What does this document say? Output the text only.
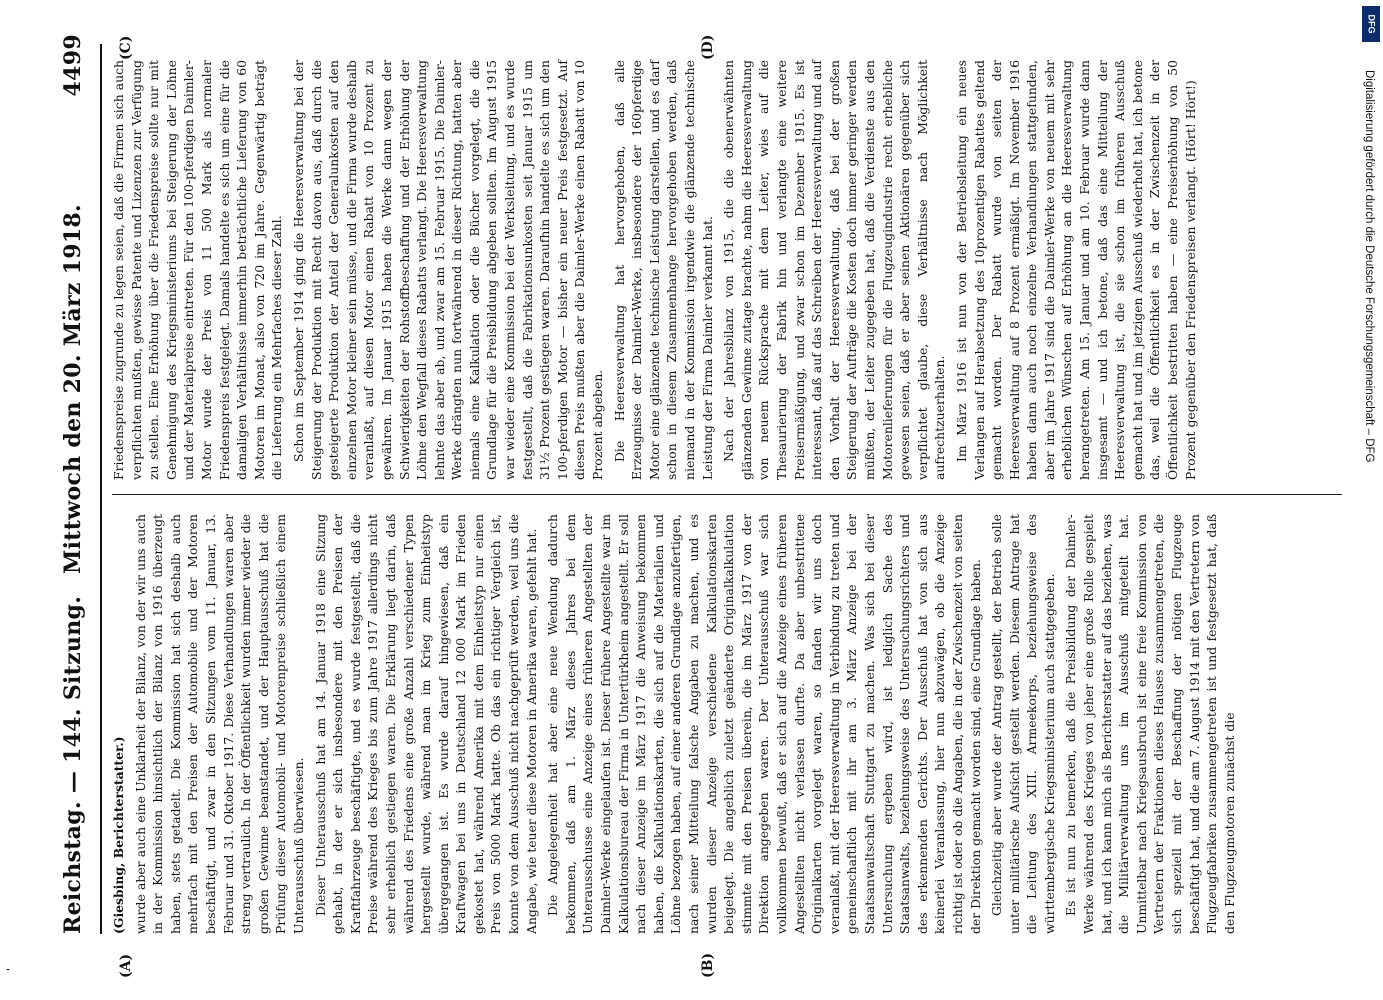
Reichstag. — 144. Sitzung.
Mittwoch den 20. März 1918.
4499
(A)	(B)
(C)	(D)

(Giesbing, Berichterstatter.) wurde aber auch eine Unklarheit der Bilanz, von der wir uns auch in der Kommission hinsichtlich der Bilanz von 1916 überzeugt haben, stets getadelt. Die Kommission hat sich deshalb auch mehrfach mit den Preisen der Automobile und der Motoren beschäftigt, und zwar in den Sitzungen vom 11. Januar, 13. Februar und 31. Oktober 1917. Diese Verhandlungen waren aber streng vertraulich. In der Öffentlichkeit wurden immer wieder die großen Gewinne beanstandet, und der Hauptausschuß hat die Prüfung dieser Automobil- und Motorenpreise schließlich einem Unterausschuß überwiesen. Dieser Unterausschuß hat am 14. Januar 1918 eine Sitzung gehabt, in der er sich insbesondere mit den Preisen der Kraftfahrzeuge beschäftigte, und es wurde festgestellt, daß die Preise während des Krieges bis zum Jahre 1917 allerdings nicht sehr erheblich gestiegen waren. Die Erklärung liegt darin, daß während des Friedens eine große Anzahl verschiedener Typen hergestellt wurde, während man im Krieg zum Einheitstyp übergegangen ist. Es wurde darauf hingewiesen, daß ein Kraftwagen bei uns in Deutschland 12 000 Mark im Frieden gekostet hat, während Amerika mit dem Einheitstyp nur einen Preis von 5000 Mark hatte. Ob das ein richtiger Vergleich ist, konnte von dem Ausschuß nicht nachgeprüft werden, weil uns die Angabe, wie teuer diese Motoren in Amerika waren, gefehlt hat. Die Angelegenheit hat aber eine neue Wendung dadurch bekommen, daß am 1. März dieses Jahres bei dem Unterausschusse eine Anzeige eines früheren Angestellten der Daimler-Werke eingelaufen ist. Dieser frühere Angestellte war im Kalkulationsbureau der Firma in Untertürkheim angestellt. Er soll nach dieser Anzeige im März 1917 die Anweisung bekommen haben, die Kalkulationskarten, die sich auf die Materialien und Löhne bezogen haben, auf einer anderen Grundlage anzufertigen, nach seiner Mitteilung falsche Angaben zu machen, und es wurden dieser Anzeige verschiedene Kalkulationskarten beigelegt. Die angeblich zuletzt geänderte Originalkalkulation stimmte mit den Preisen überein, die im März 1917 von der Direktion angegeben waren. Der Unterausschuß war sich vollkommen bewußt, daß er sich auf die Anzeige eines früheren Angestellten nicht verlassen durfte. Da aber unbestrittene Originalkarten vorgelegt waren, so fanden wir uns doch veranlaßt, mit der Heeresverwaltung in Verbindung zu treten und gemeinschaftlich mit ihr am 3. März Anzeige bei der Staatsanwaltschaft Stuttgart zu machen. Was sich bei dieser Untersuchung ergeben wird, ist lediglich Sache des Staatsanwalts, beziehungsweise des Untersuchungsrichters und des erkennenden Gerichts. Der Ausschuß hat von sich aus keinerlei Veranlassung, hier nun abzuwägen, ob die Anzeige richtig ist oder ob die Angaben, die in der Zwischenzeit von seiten der Direktion gemacht worden sind, eine Grundlage haben. Gleichzeitig aber wurde der Antrag gestellt, der Betrieb solle unter militärische Aufsicht gestellt werden. Diesem Antrage hat die Leitung des XIII. Armeekorps, beziehungsweise des württembergische Kriegsministerium auch stattgegeben. Es ist nun zu bemerken, daß die Preisbildung der Daimler-Werke während des Krieges von jeher eine große Rolle gespielt hat, und ich kann mich als Berichterstatter auf das beziehen, was die Militärverwaltung uns im Ausschuß mitgeteilt hat. Unmittelbar nach Kriegsausbruch ist eine freie Kommission von Vertretern der Fraktionen dieses Hauses zusammengetreten, die sich speziell mit der Beschaffung der nötigen Flugzeuge beschäftigt hat, und die am 7. August 1914 mit den Vertretern von Flugzeugfabriken zusammengetreten ist und festgesetzt hat, daß den Flugzeugmotoren zunächst die

Friedenspreise zugrunde zu legen seien, daß die Firmen sich auch verpflichten mußten, gewisse Patente und Lizenzen zur Verfügung zu stellen. Eine Erhöhung über die Friedenspreise sollte nur mit Genehmigung des Kriegsministeriums bei Steigerung der Löhne und der Materialpreise eintreten. Für den 100-pferdigen Daimler-Motor wurde der Preis von 11 500 Mark als normaler Friedenspreis festgelegt. Damals handelte es sich um eine für die damaligen Verhältnisse immerhin beträchtliche Lieferung von 60 Motoren im Monat, also von 720 im Jahre. Gegenwärtig beträgt die Lieferung ein Mehrfaches dieser Zahl. Schon im September 1914 ging die Heeresverwaltung bei der Steigerung der Produktion mit Recht davon aus, daß durch die gesteigerte Produktion der Anteil der Generalunkosten auf den einzelnen Motor kleiner sein müsse, und die Firma wurde deshalb veranlaßt, auf diesen Motor einen Rabatt von 10 Prozent zu gewähren. Im Januar 1915 haben die Werke dann wegen der Schwierigkeiten der Rohstoffbeschaffung und der Erhöhung der Löhne den Wegfall dieses Rabatts verlangt. Die Heeresverwaltung lehnte das aber ab, und zwar am 15. Februar 1915. Die Daimler-Werke drängten nun fortwährend in dieser Richtung, hatten aber niemals eine Kalkulation oder die Bücher vorgelegt, die die Grundlage für die Preisbildung abgeben sollten. Im August 1915 war wieder eine Kommission bei der Werksleitung, und es wurde festgestellt, daß die Fabrikationsunkosten seit Januar 1915 um 31½ Prozent gestiegen waren. Daraufhin handelte es sich um den 100-pferdigen Motor — bisher ein neuer Preis festgesetzt. Auf diesen Preis mußten aber die Daimler-Werke einen Rabatt von 10 Prozent abgeben. Die Heeresverwaltung hat hervorgehoben, daß alle Erzeugnisse der Daimler-Werke, insbesondere der 160pferdige Motor eine glänzende technische Leistung darstellen, und es darf schon in diesem Zusammenhange hervorgehoben werden, daß niemand in der Kommission irgendwie die glänzende technische Leistung der Firma Daimler verkannt hat. Nach der Jahresbilanz von 1915, die die obenerwähnten glänzenden Gewinne zutage brachte, nahm die Heeresverwaltung von neuem Rücksprache mit dem Leiter, wies auf die Thesaurierung der Fabrik hin und verlangte eine weitere Preisermäßigung, und zwar schon im Dezember 1915. Es ist interessant, daß auf das Schreiben der Heeresverwaltung und auf den Vorhalt der Heeresverwaltung, daß bei der großen Steigerung der Aufträge die Kosten doch immer geringer werden müßten, der Leiter zugegeben hat, daß die Verdienste aus den Motorenlieferungen für die Flugzeugindustrie recht erhebliche gewesen seien, daß er aber seinen Aktionären gegenüber sich verpflichtet glaube, diese Verhältnisse nach Möglichkeit aufrechtzuerhalten. Im März 1916 ist nun von der Betriebsleitung ein neues Verlangen auf Herabsetzung des 10prozentigen Rabattes geltend gemacht worden. Der Rabatt wurde von seiten der Heeresverwaltung auf 8 Prozent ermäßigt. Im November 1916 haben dann auch noch einzelne Verhandlungen stattgefunden, aber im Jahre 1917 sind die Daimler-Werke von neuem mit sehr erheblichen Wünschen auf Erhöhung an die Heeresverwaltung herangetreten. Am 15. Januar und am 10. Februar wurde dann insgesamt — und ich betone, daß das eine Mitteilung der Heeresverwaltung ist, die sie schon im früheren Ausschuß gemacht hat und im jetzigen Ausschuß wiederholt hat, ich betone das, weil die Öffentlichkeit es in der Zwischenzeit in der Öffentlichkeit bestritten haben — eine Preiserhöhung von 50 Prozent gegenüber den Friedenspreisen verlangt. (Hört! Hört!)

DFG
Digitalisierung gefördert durch die Deutsche Forschungsgemeinschaft – DFG
-
